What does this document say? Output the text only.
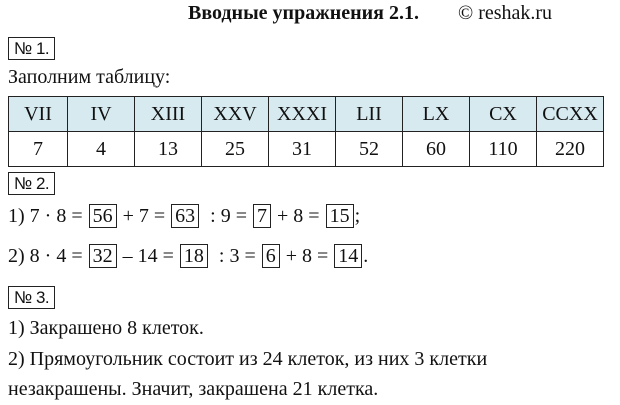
Вводные упражнения 2.1. © reshak.ru
№ 1.
Заполним таблицу:
VII	IV	XIII	XXV	XXXI	LII	LX	CX	CCXX
7	4	13	25	31	52	60	110	220
№ 2.
1) 7 · 8 = 56 + 7 = 63 : 9 = 7 + 8 = 15 ;
2) 8 · 4 = 32 – 14 = 18 : 3 = 6 + 8 = 14 .
№ 3.
1) Закрашено 8 клеток.
2) Прямоугольник состоит из 24 клеток, из них 3 клетки
незакрашены. Значит, закрашена 21 клетка.
